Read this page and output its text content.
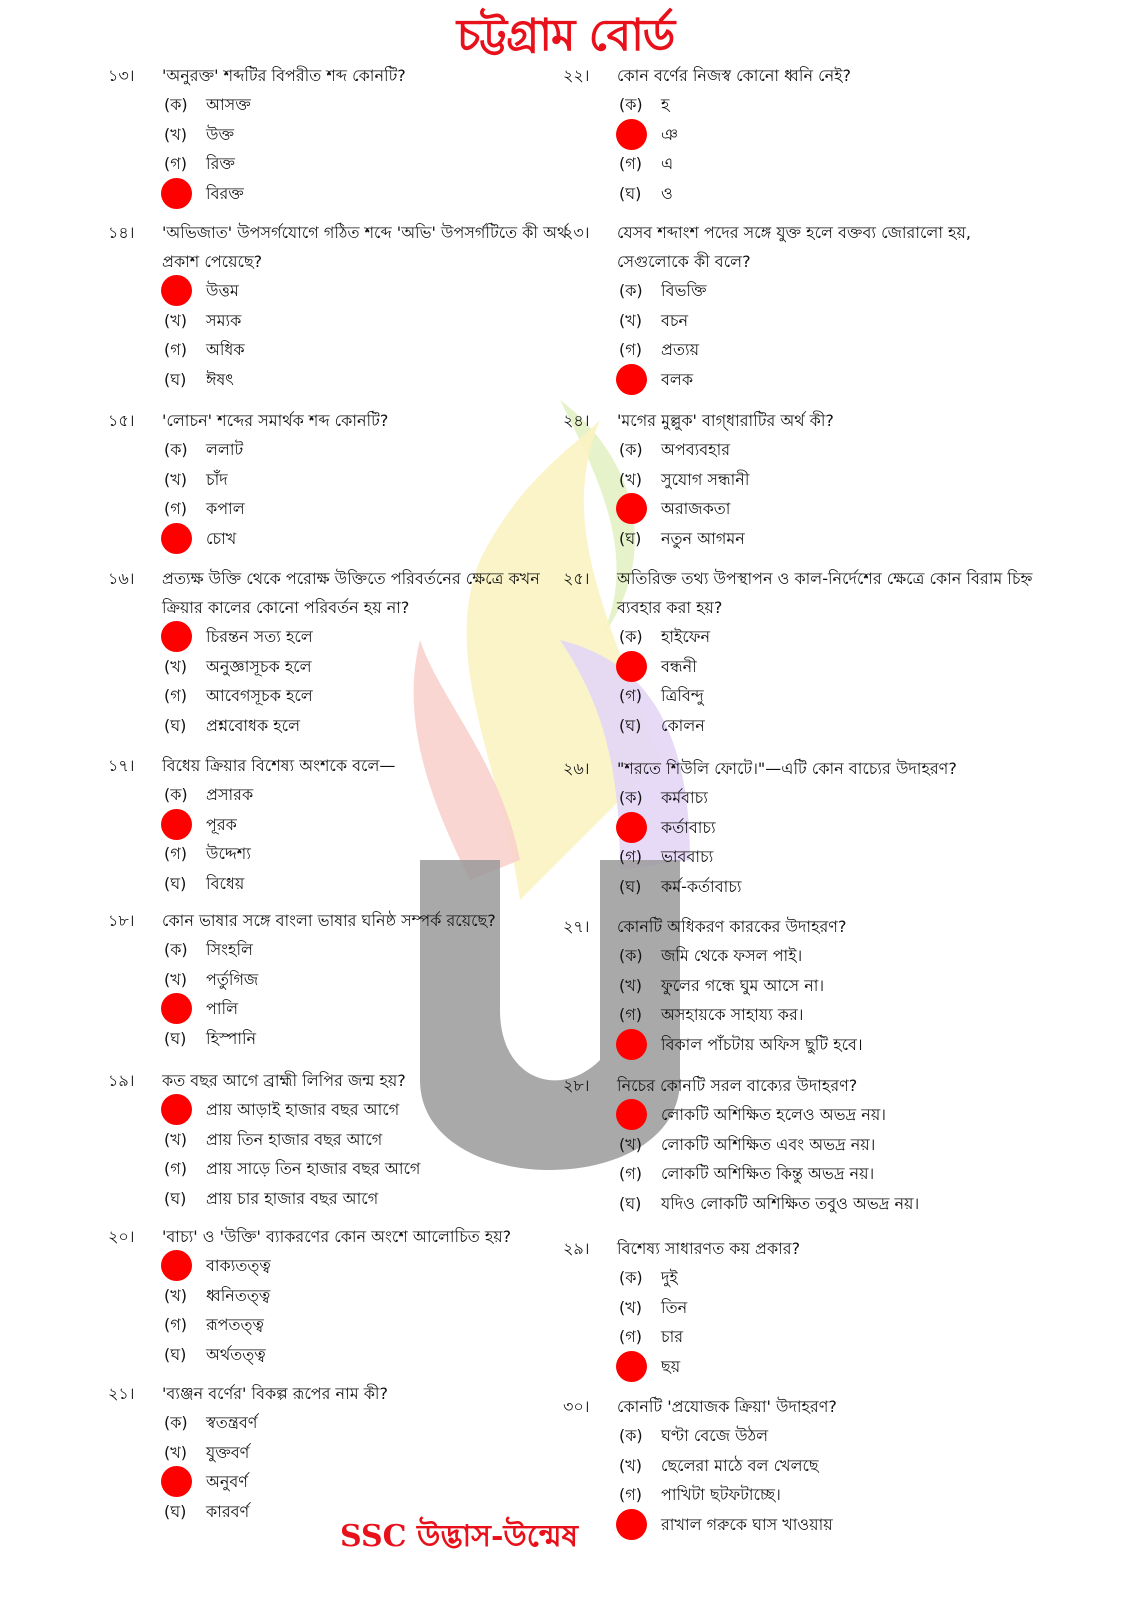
চট্টগ্রাম বোর্ড
১৩। 'অনুরক্ত' শব্দটির বিপরীত শব্দ কোনটি?
(ক) আসক্ত
(খ) উক্ত
(গ) রিক্ত
বিরক্ত
১৪। 'অভিজাত' উপসর্গযোগে গঠিত শব্দে 'অভি' উপসর্গটিতে কী অর্থ প্রকাশ পেয়েছে?
উত্তম
(খ) সম্যক
(গ) অধিক
(ঘ) ঈষৎ
১৫। 'লোচন' শব্দের সমার্থক শব্দ কোনটি?
(ক) ললাট
(খ) চাঁদ
(গ) কপাল
চোখ
১৬। প্রত্যক্ষ উক্তি থেকে পরোক্ষ উক্তিতে পরিবর্তনের ক্ষেত্রে কখন ক্রিয়ার কালের কোনো পরিবর্তন হয় না?
চিরন্তন সত্য হলে
(খ) অনুজ্ঞাসূচক হলে
(গ) আবেগসূচক হলে
(ঘ) প্রশ্নবোধক হলে
১৭। বিধেয় ক্রিয়ার বিশেষ্য অংশকে বলে—
(ক) প্রসারক
পূরক
(গ) উদ্দেশ্য
(ঘ) বিধেয়
১৮। কোন ভাষার সঙ্গে বাংলা ভাষার ঘনিষ্ঠ সম্পর্ক রয়েছে?
(ক) সিংহলি
(খ) পর্তুগিজ
পালি
(ঘ) হিস্পানি
১৯। কত বছর আগে ব্রাহ্মী লিপির জন্ম হয়?
প্রায় আড়াই হাজার বছর আগে
(খ) প্রায় তিন হাজার বছর আগে
(গ) প্রায় সাড়ে তিন হাজার বছর আগে
(ঘ) প্রায় চার হাজার বছর আগে
২০। 'বাচ্য' ও 'উক্তি' ব্যাকরণের কোন অংশে আলোচিত হয়?
বাক্যতত্ত্ব
(খ) ধ্বনিতত্ত্ব
(গ) রূপতত্ত্ব
(ঘ) অর্থতত্ত্ব
২১। 'ব্যঞ্জন বর্ণের' বিকল্প রূপের নাম কী?
(ক) স্বতন্ত্রবর্ণ
(খ) যুক্তবর্ণ
অনুবর্ণ
(ঘ) কারবর্ণ
২২। কোন বর্ণের নিজস্ব কোনো ধ্বনি নেই?
(ক) হ
ঞ
(গ) এ
(ঘ) ও
২৩। যেসব শব্দাংশ পদের সঙ্গে যুক্ত হলে বক্তব্য জোরালো হয়, সেগুলোকে কী বলে?
(ক) বিভক্তি
(খ) বচন
(গ) প্রত্যয়
বলক
২৪। 'মগের মুল্লুক' বাগ্‌ধারাটির অর্থ কী?
(ক) অপব্যবহার
(খ) সুযোগ সন্ধানী
অরাজকতা
(ঘ) নতুন আগমন
২৫। অতিরিক্ত তথ্য উপস্থাপন ও কাল-নির্দেশের ক্ষেত্রে কোন বিরাম চিহ্ন ব্যবহার করা হয়?
(ক) হাইফেন
বন্ধনী
(গ) ত্রিবিন্দু
(ঘ) কোলন
২৬। "শরতে শিউলি ফোটে।"—এটি কোন বাচ্যের উদাহরণ?
(ক) কর্মবাচ্য
কর্তাবাচ্য
(গ) ভাববাচ্য
(ঘ) কর্ম-কর্তাবাচ্য
২৭। কোনটি অধিকরণ কারকের উদাহরণ?
(ক) জমি থেকে ফসল পাই।
(খ) ফুলের গন্ধে ঘুম আসে না।
(গ) অসহায়কে সাহায্য কর।
বিকাল পাঁচটায় অফিস ছুটি হবে।
২৮। নিচের কোনটি সরল বাক্যের উদাহরণ?
লোকটি অশিক্ষিত হলেও অভদ্র নয়।
(খ) লোকটি অশিক্ষিত এবং অভদ্র নয়।
(গ) লোকটি অশিক্ষিত কিন্তু অভদ্র নয়।
(ঘ) যদিও লোকটি অশিক্ষিত তবুও অভদ্র নয়।
২৯। বিশেষ্য সাধারণত কয় প্রকার?
(ক) দুই
(খ) তিন
(গ) চার
ছয়
৩০। কোনটি 'প্রযোজক ক্রিয়া' উদাহরণ?
(ক) ঘণ্টা বেজে উঠল
(খ) ছেলেরা মাঠে বল খেলছে
(গ) পাখিটা ছটফটাচ্ছে।
রাখাল গরুকে ঘাস খাওয়ায়
SSC উদ্ভাস-উন্মেষ
